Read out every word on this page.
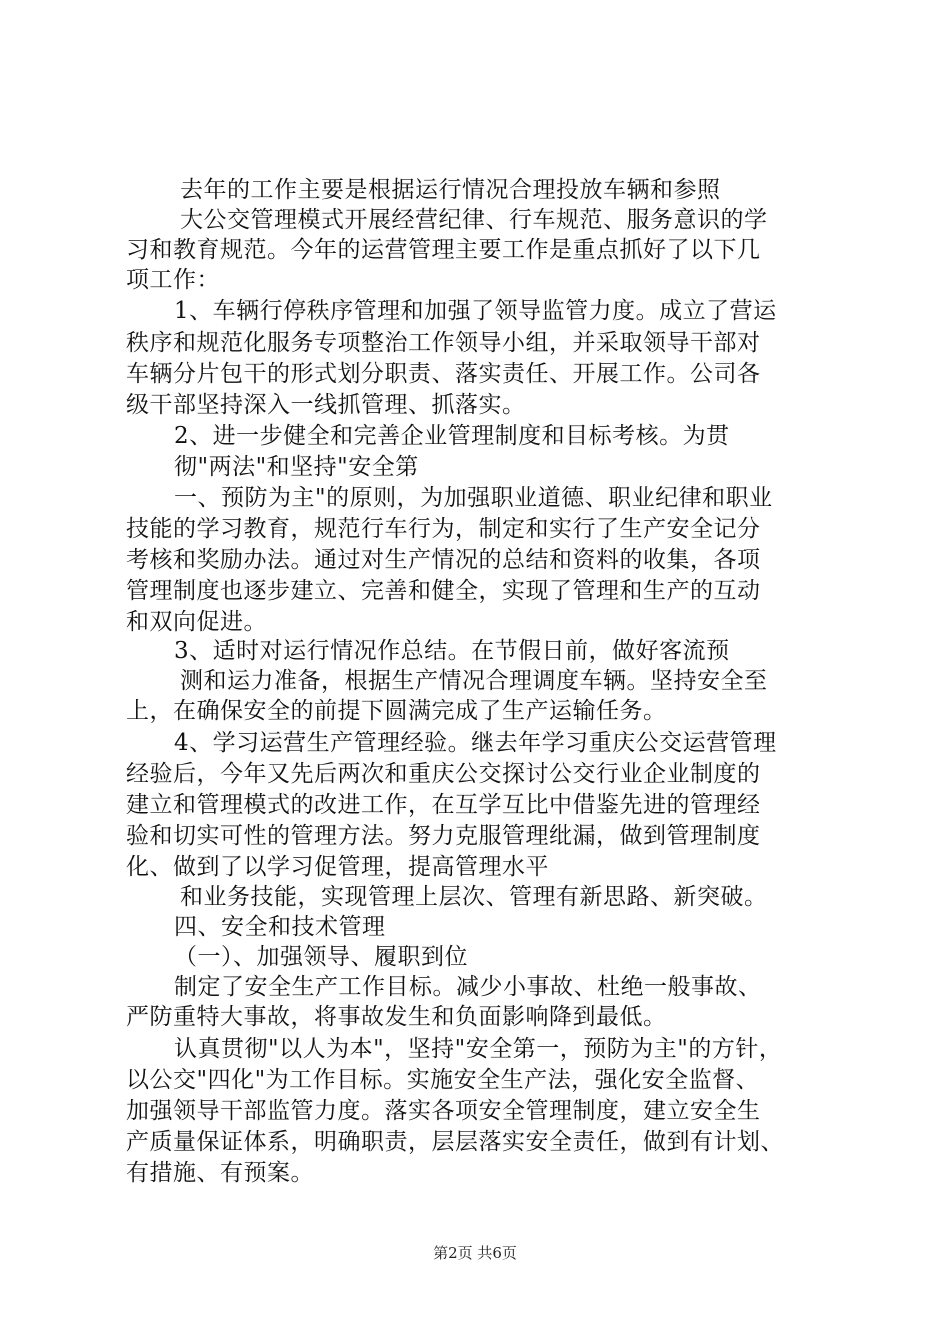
去年的工作主要是根据运行情况合理投放车辆和参照
大公交管理模式开展经营纪律、行车规范、服务意识的学
习和教育规范。今年的运营管理主要工作是重点抓好了以下几
项工作：
1、车辆行停秩序管理和加强了领导监管力度。成立了营运
秩序和规范化服务专项整治工作领导小组，并采取领导干部对
车辆分片包干的形式划分职责、落实责任、开展工作。公司各
级干部坚持深入一线抓管理、抓落实。
2、进一步健全和完善企业管理制度和目标考核。为贯
彻"两法"和坚持"安全第
一、预防为主"的原则，为加强职业道德、职业纪律和职业
技能的学习教育，规范行车行为，制定和实行了生产安全记分
考核和奖励办法。通过对生产情况的总结和资料的收集，各项
管理制度也逐步建立、完善和健全，实现了管理和生产的互动
和双向促进。
3、适时对运行情况作总结。在节假日前，做好客流预
测和运力准备，根据生产情况合理调度车辆。坚持安全至
上，在确保安全的前提下圆满完成了生产运输任务。
4、学习运营生产管理经验。继去年学习重庆公交运营管理
经验后，今年又先后两次和重庆公交探讨公交行业企业制度的
建立和管理模式的改进工作，在互学互比中借鉴先进的管理经
验和切实可性的管理方法。努力克服管理纰漏，做到管理制度
化、做到了以学习促管理，提高管理水平
和业务技能，实现管理上层次、管理有新思路、新突破。
四、安全和技术管理
（一）、加强领导、履职到位
制定了安全生产工作目标。减少小事故、杜绝一般事故、
严防重特大事故，将事故发生和负面影响降到最低。
认真贯彻"以人为本"，坚持"安全第一，预防为主"的方针，
以公交"四化"为工作目标。实施安全生产法，强化安全监督、
加强领导干部监管力度。落实各项安全管理制度，建立安全生
产质量保证体系，明确职责，层层落实安全责任，做到有计划、
有措施、有预案。
第2页 共6页
